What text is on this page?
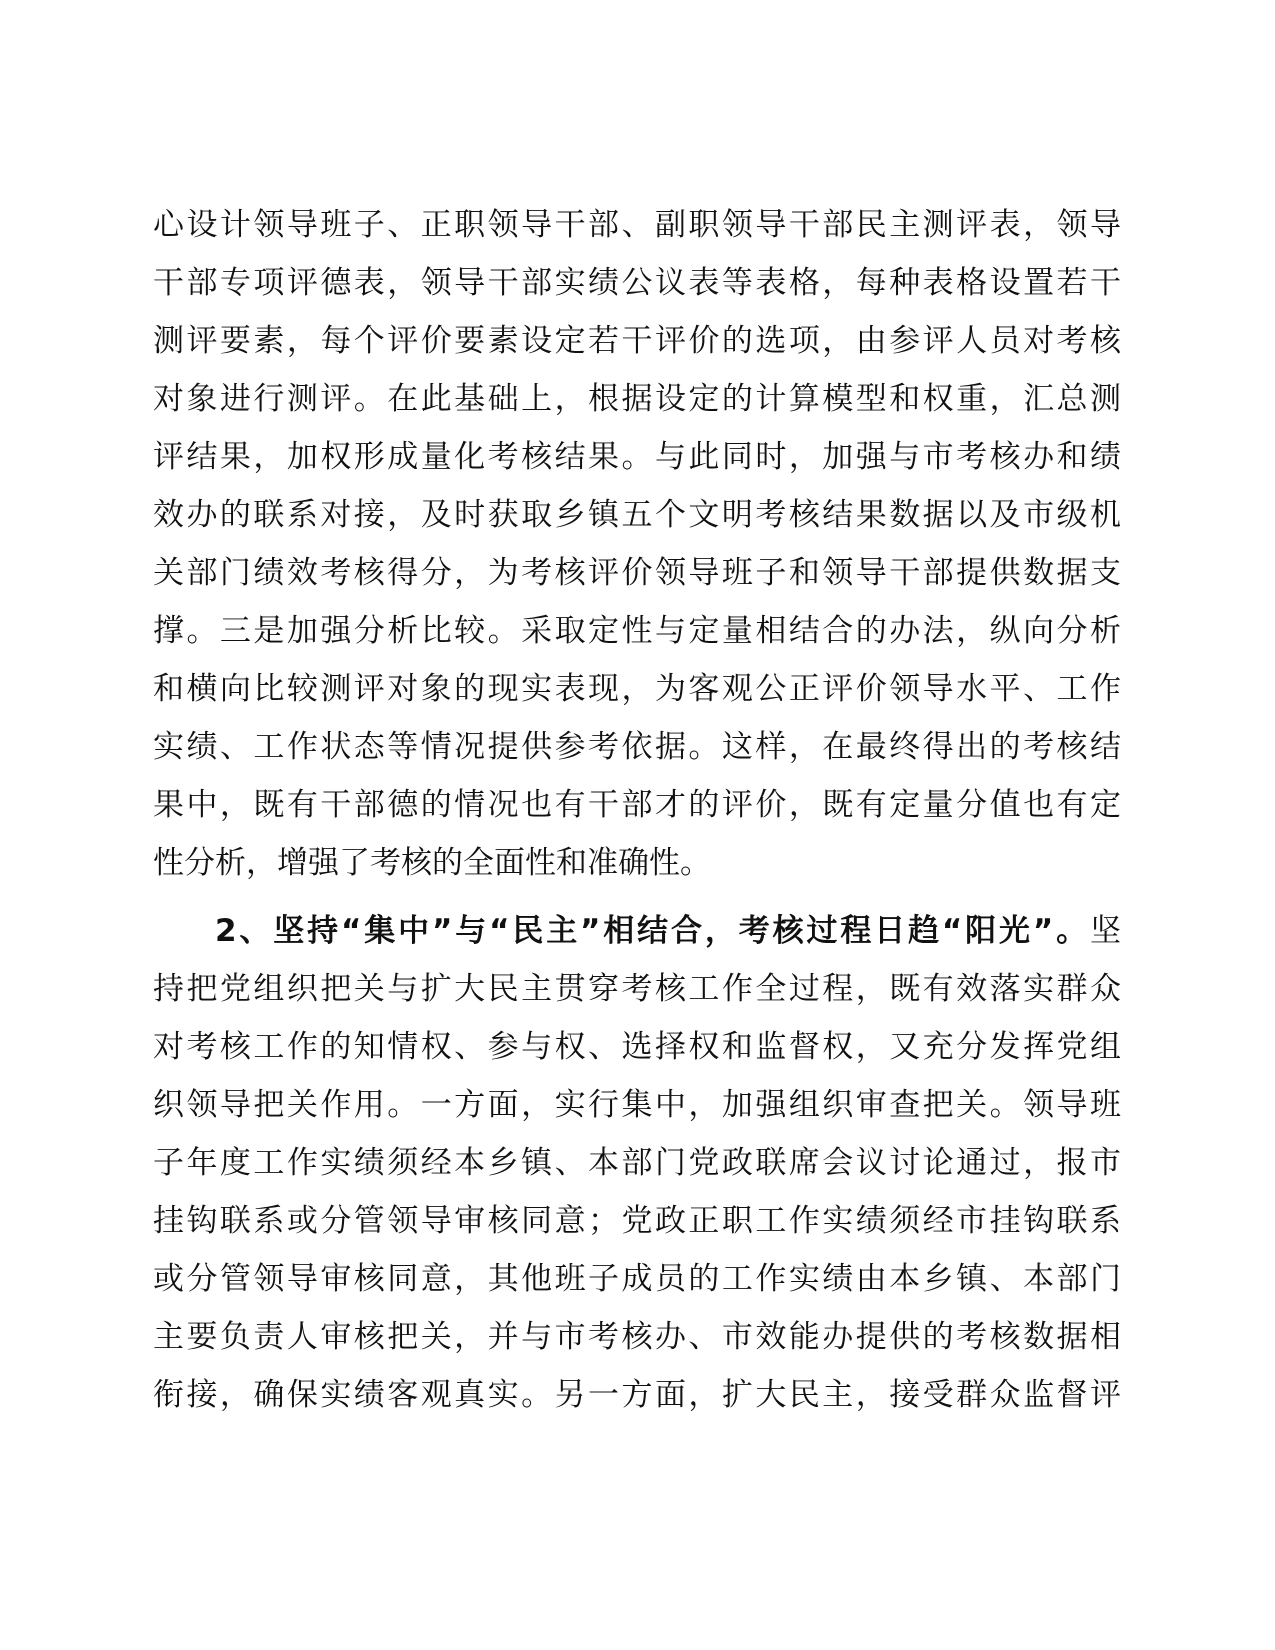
心设计领导班子、正职领导干部、副职领导干部民主测评表，领导
干部专项评德表，领导干部实绩公议表等表格，每种表格设置若干
测评要素，每个评价要素设定若干评价的选项，由参评人员对考核
对象进行测评。在此基础上，根据设定的计算模型和权重，汇总测
评结果，加权形成量化考核结果。与此同时，加强与市考核办和绩
效办的联系对接，及时获取乡镇五个文明考核结果数据以及市级机
关部门绩效考核得分，为考核评价领导班子和领导干部提供数据支
撑。三是加强分析比较。采取定性与定量相结合的办法，纵向分析
和横向比较测评对象的现实表现，为客观公正评价领导水平、工作
实绩、工作状态等情况提供参考依据。这样，在最终得出的考核结
果中，既有干部德的情况也有干部才的评价，既有定量分值也有定
性分析，增强了考核的全面性和准确性。
2、坚持“集中”与“民主”相结合，考核过程日趋“阳光”。坚
持把党组织把关与扩大民主贯穿考核工作全过程，既有效落实群众
对考核工作的知情权、参与权、选择权和监督权，又充分发挥党组
织领导把关作用。一方面，实行集中，加强组织审查把关。领导班
子年度工作实绩须经本乡镇、本部门党政联席会议讨论通过，报市
挂钩联系或分管领导审核同意；党政正职工作实绩须经市挂钩联系
或分管领导审核同意，其他班子成员的工作实绩由本乡镇、本部门
主要负责人审核把关，并与市考核办、市效能办提供的考核数据相
衔接，确保实绩客观真实。另一方面，扩大民主，接受群众监督评
